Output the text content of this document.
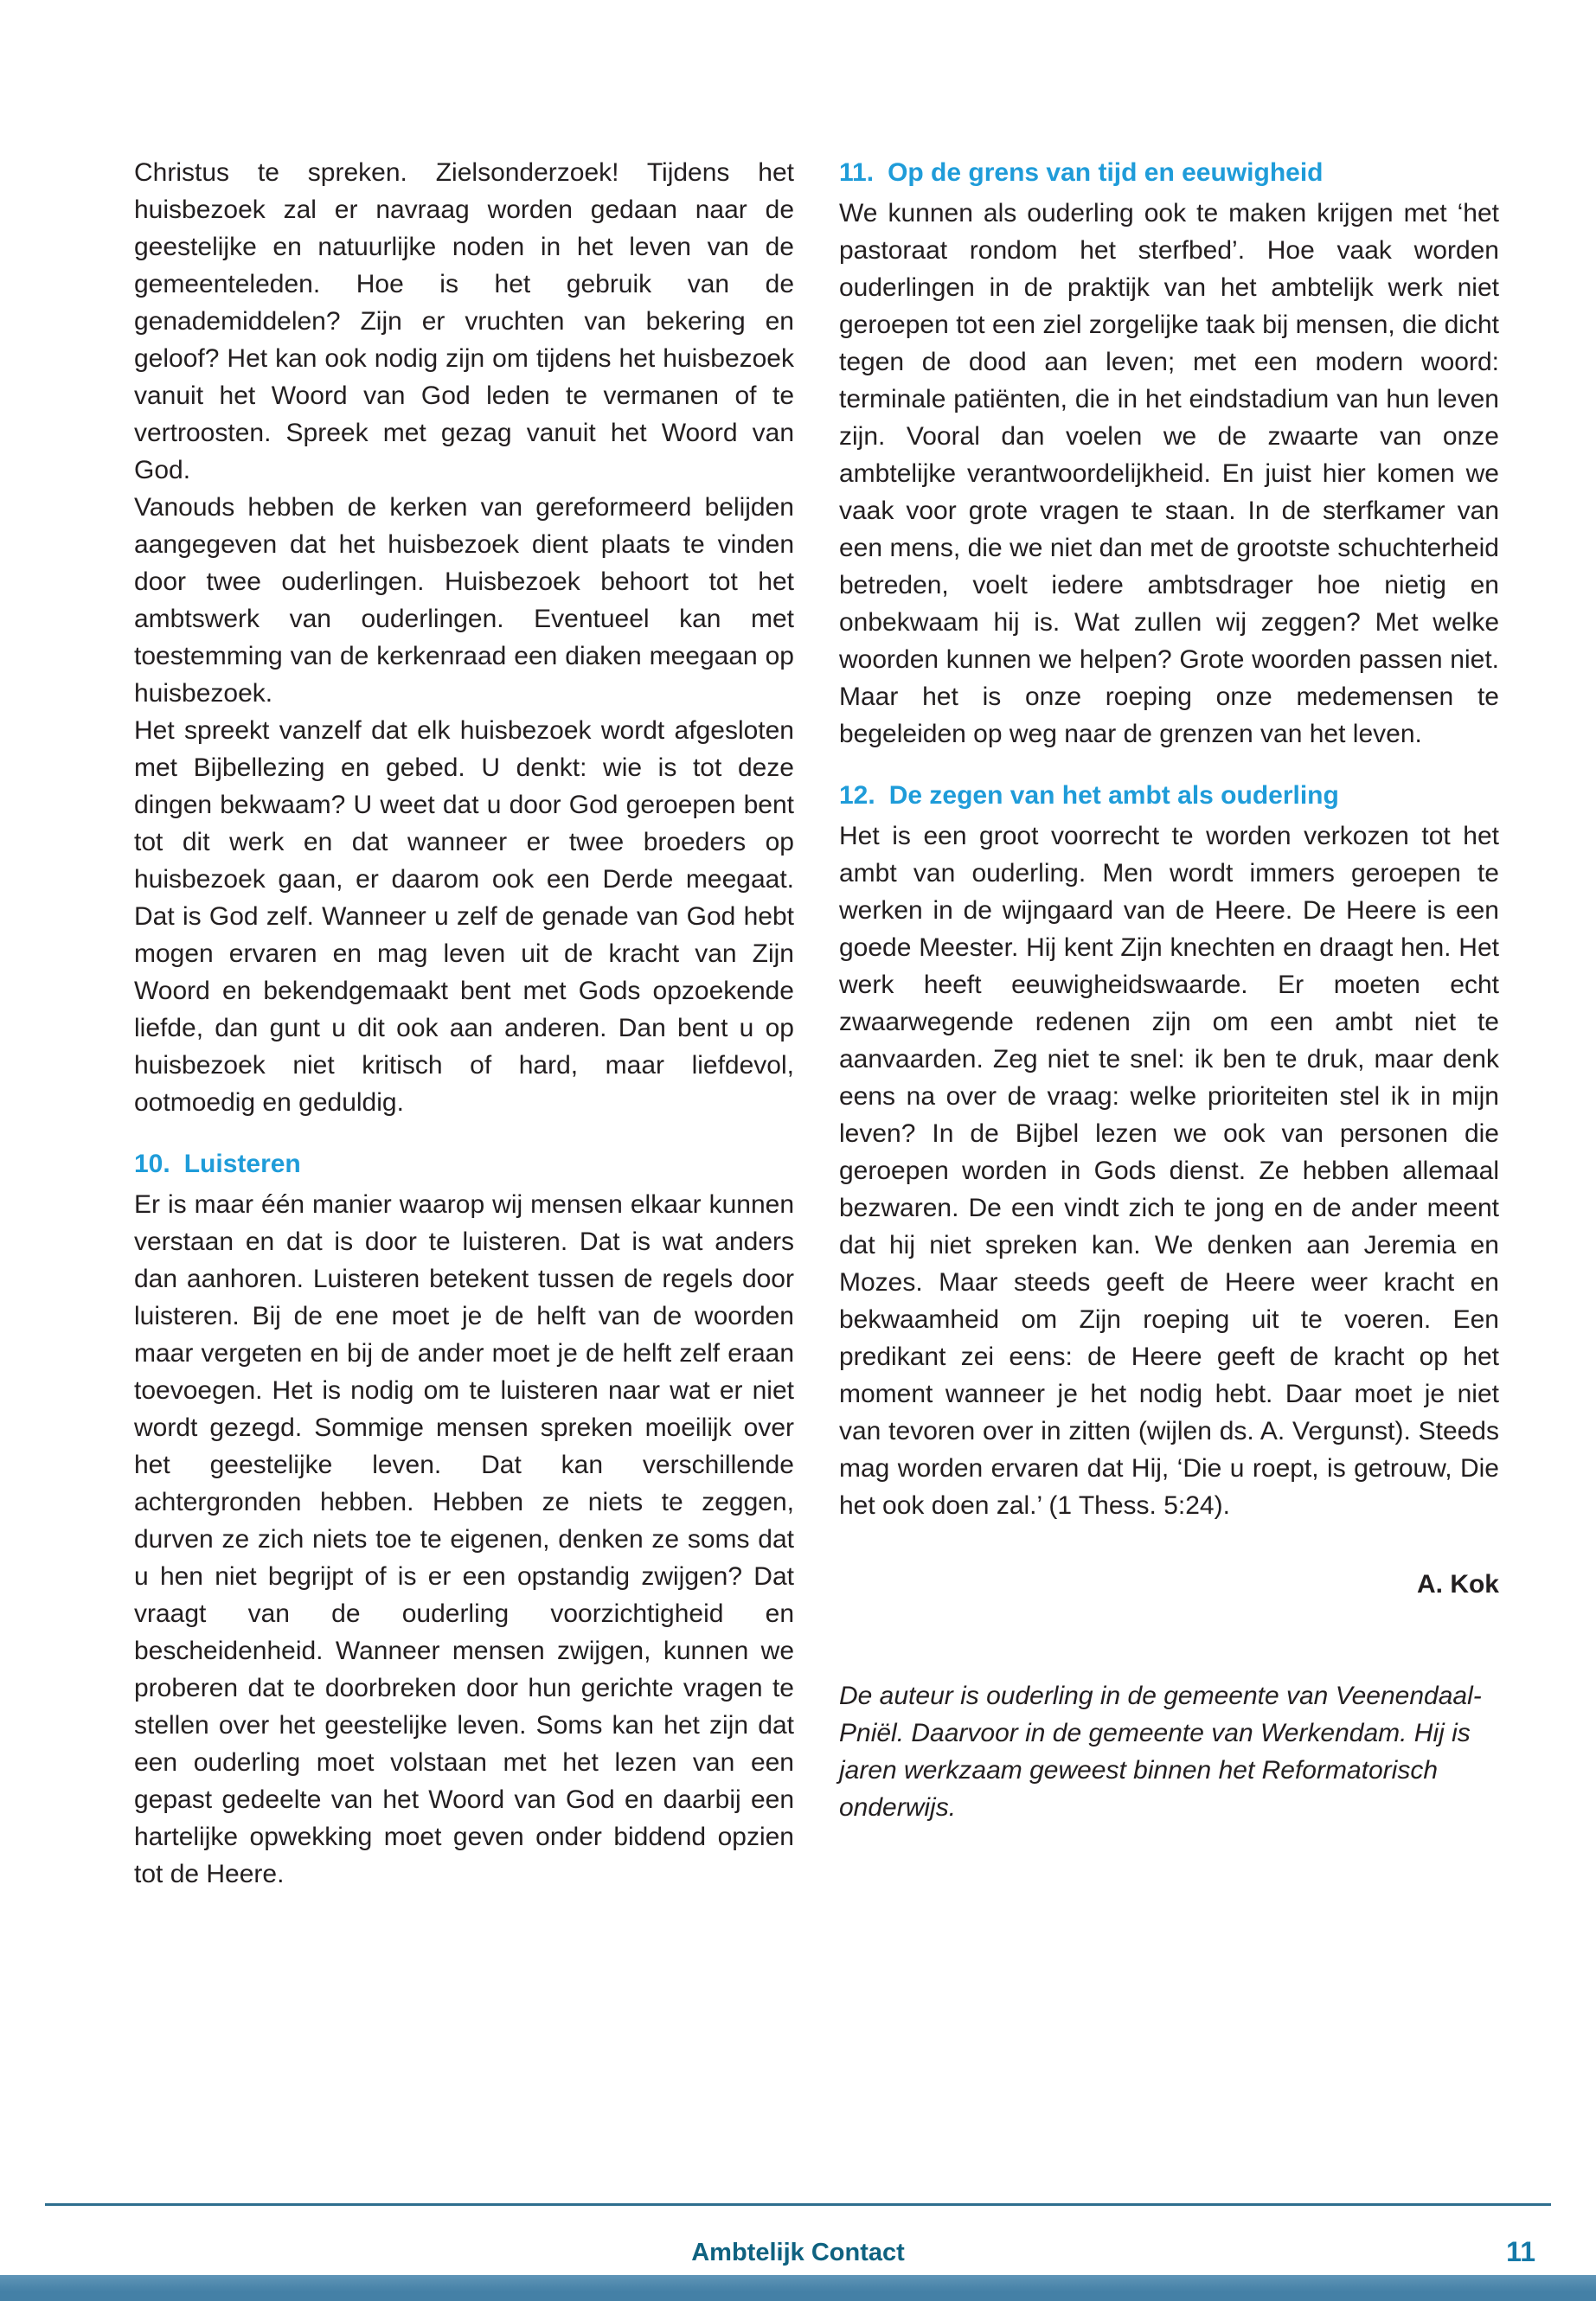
Christus te spreken. Zielsonderzoek! Tijdens het huisbezoek zal er navraag worden gedaan naar de geestelijke en natuurlijke noden in het leven van de gemeenteleden. Hoe is het gebruik van de genademiddelen? Zijn er vruchten van bekering en geloof? Het kan ook nodig zijn om tijdens het huisbezoek vanuit het Woord van God leden te vermanen of te vertroosten. Spreek met gezag vanuit het Woord van God.

Vanouds hebben de kerken van gereformeerd belijden aangegeven dat het huisbezoek dient plaats te vinden door twee ouderlingen. Huisbezoek behoort tot het ambtswerk van ouderlingen. Eventueel kan met toestemming van de kerkenraad een diaken meegaan op huisbezoek.

Het spreekt vanzelf dat elk huisbezoek wordt afgesloten met Bijbellezing en gebed. U denkt: wie is tot deze dingen bekwaam? U weet dat u door God geroepen bent tot dit werk en dat wanneer er twee broeders op huisbezoek gaan, er daarom ook een Derde meegaat. Dat is God zelf. Wanneer u zelf de genade van God hebt mogen ervaren en mag leven uit de kracht van Zijn Woord en bekendgemaakt bent met Gods opzoekende liefde, dan gunt u dit ook aan anderen. Dan bent u op huisbezoek niet kritisch of hard, maar liefdevol, ootmoedig en geduldig.

10. Luisteren

Er is maar één manier waarop wij mensen elkaar kunnen verstaan en dat is door te luisteren. Dat is wat anders dan aanhoren. Luisteren betekent tussen de regels door luisteren. Bij de ene moet je de helft van de woorden maar vergeten en bij de ander moet je de helft zelf eraan toevoegen. Het is nodig om te luisteren naar wat er niet wordt gezegd. Sommige mensen spreken moeilijk over het geestelijke leven. Dat kan verschillende achtergronden hebben. Hebben ze niets te zeggen, durven ze zich niets toe te eigenen, denken ze soms dat u hen niet begrijpt of is er een opstandig zwijgen? Dat vraagt van de ouderling voorzichtigheid en bescheidenheid. Wanneer mensen zwijgen, kunnen we proberen dat te doorbreken door hun gerichte vragen te stellen over het geestelijke leven. Soms kan het zijn dat een ouderling moet volstaan met het lezen van een gepast gedeelte van het Woord van God en daarbij een hartelijke opwekking moet geven onder biddend opzien tot de Heere.

11. Op de grens van tijd en eeuwigheid

We kunnen als ouderling ook te maken krijgen met ‘het pastoraat rondom het sterfbed’. Hoe vaak worden ouderlingen in de praktijk van het ambtelijk werk niet geroepen tot een ziel zorgelijke taak bij mensen, die dicht tegen de dood aan leven; met een modern woord: terminale patiënten, die in het eindstadium van hun leven zijn. Vooral dan voelen we de zwaarte van onze ambtelijke verantwoordelijkheid. En juist hier komen we vaak voor grote vragen te staan. In de sterfkamer van een mens, die we niet dan met de grootste schuchterheid betreden, voelt iedere ambtsdrager hoe nietig en onbekwaam hij is. Wat zullen wij zeggen? Met welke woorden kunnen we helpen? Grote woorden passen niet. Maar het is onze roeping onze medemensen te begeleiden op weg naar de grenzen van het leven.

12. De zegen van het ambt als ouderling

Het is een groot voorrecht te worden verkozen tot het ambt van ouderling. Men wordt immers geroepen te werken in de wijngaard van de Heere. De Heere is een goede Meester. Hij kent Zijn knechten en draagt hen. Het werk heeft eeuwigheidswaarde. Er moeten echt zwaarwegende redenen zijn om een ambt niet te aanvaarden. Zeg niet te snel: ik ben te druk, maar denk eens na over de vraag: welke prioriteiten stel ik in mijn leven? In de Bijbel lezen we ook van personen die geroepen worden in Gods dienst. Ze hebben allemaal bezwaren. De een vindt zich te jong en de ander meent dat hij niet spreken kan. We denken aan Jeremia en Mozes. Maar steeds geeft de Heere weer kracht en bekwaamheid om Zijn roeping uit te voeren. Een predikant zei eens: de Heere geeft de kracht op het moment wanneer je het nodig hebt. Daar moet je niet van tevoren over in zitten (wijlen ds. A. Vergunst). Steeds mag worden ervaren dat Hij, ‘Die u roept, is getrouw, Die het ook doen zal.’ (1 Thess. 5:24).

A. Kok

De auteur is ouderling in de gemeente van Veenendaal-Pniël. Daarvoor in de gemeente van Werkendam. Hij is jaren werkzaam geweest binnen het Reformatorisch onderwijs.

Ambtelijk Contact	11
